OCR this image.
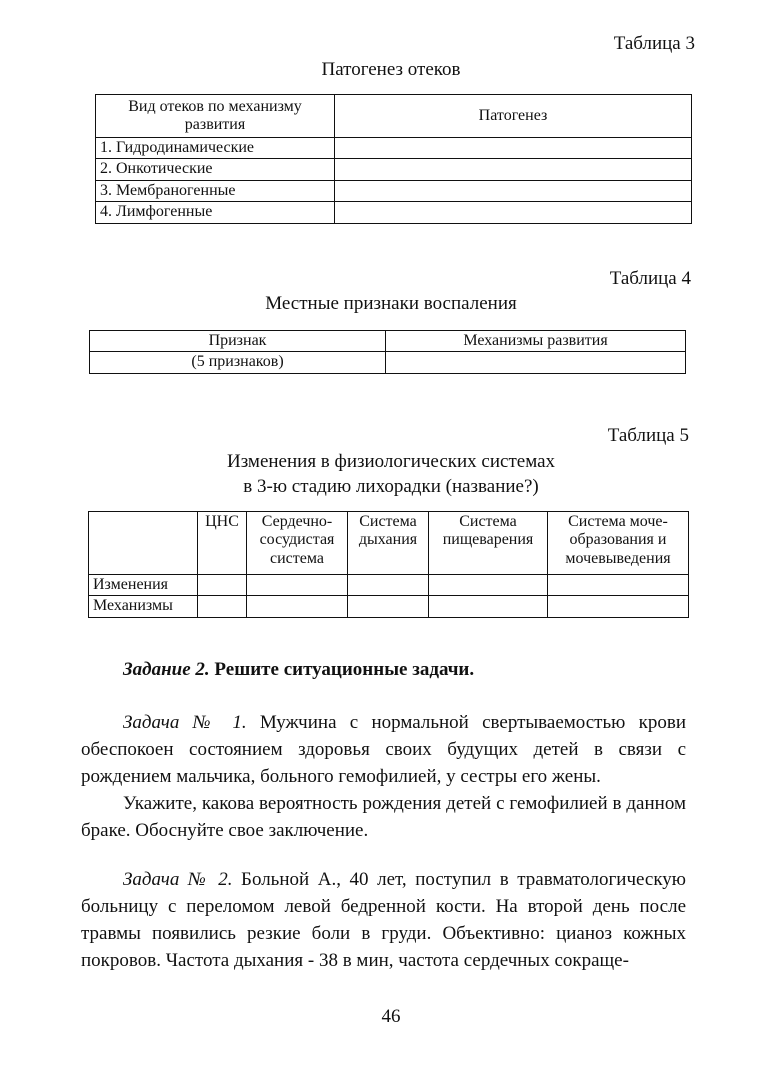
Таблица 3
Патогенез отеков
Вид отеков по механизму развития	Патогенез
1. Гидродинамические	
2. Онкотические	
3. Мембраногенные	
4. Лимфогенные	
Таблица 4
Местные признаки воспаления
Признак	Механизмы развития
(5 признаков)	
Таблица 5
Изменения в физиологических системах
в 3-ю стадию лихорадки (название?)
	ЦНС	Сердечно-сосудистая система	Система дыхания	Система пищеварения	Система моче-образования и мочевыведения
Изменения					
Механизмы					
Задание 2. Решите ситуационные задачи.

Задача № 1. Мужчина с нормальной свертываемостью крови обеспокоен состоянием здоровья своих будущих детей в связи с рождением мальчика, больного гемофилией, у сестры его жены.

Укажите, какова вероятность рождения детей с гемофилией в данном браке. Обоснуйте свое заключение.

Задача № 2. Больной А., 40 лет, поступил в травматологическую больницу с переломом левой бедренной кости. На второй день после травмы появились резкие боли в груди. Объективно: цианоз кожных покровов. Частота дыхания - 38 в мин, частота сердечных сокраще-

46
